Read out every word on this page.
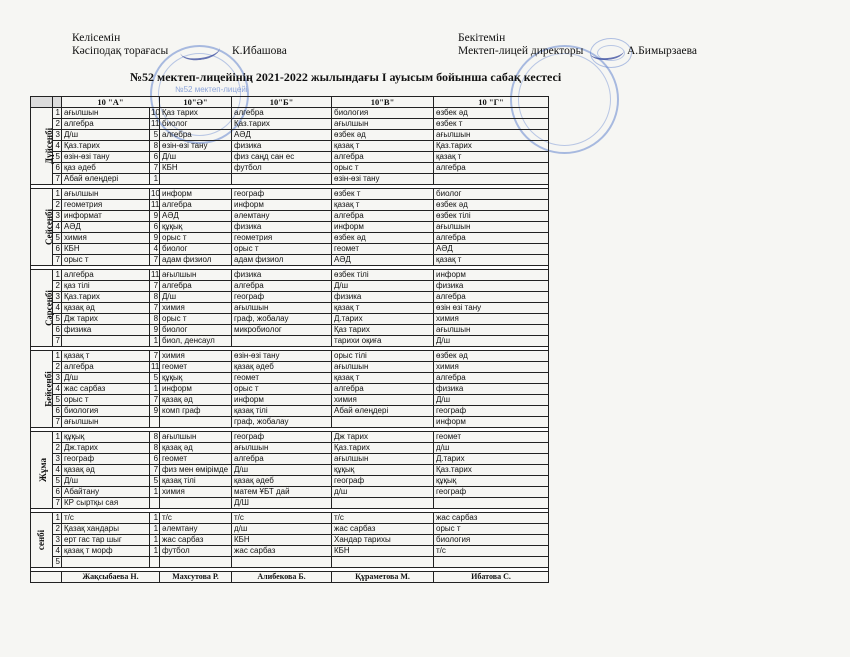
№52 мектеп-лицейі
Келісемін
Кәсіподақ торағасы	К.Ибашова
Бекітемін
Мектеп-лицей директоры	А.Бимырзаева
№52 мектеп-лицейінің 2021-2022 жылындағы I ауысым бойынша сабақ кестесі
		10 "А"		10"Ә"	10"Б"	10"В"	10 "Г"
Дүйсенбі	1	ағылшын	10	Қаз тарих	алгебра	биология	өзбек әд
	2	алгебра	11	биолог	Қаз.тарих	ағылшын	өзбек т
	3	Д/ш	5	алгебра	АӘД	өзбек әд	ағылшын
	4	Қаз.тарих	8	өзін-өзі тану	физика	қазақ т	Қаз.тарих
	5	өзін-өзі тану	6	Д/ш	физ саңд сан ес	алгебра	қазақ т
	6	қаз әдеб	7	КБН	футбол	орыс т	алгебра
	7	Абай өлеңдері	1			өзін-өзі тану	

Сейсенбі	1	ағылшын	10	информ	географ	өзбек т	биолог
	2	геометрия	11	алгебра	информ	қазақ т	өзбек әд
	3	информат	9	АӘД	әлемтану	алгебра	өзбек тілі
	4	АӘД	6	құқық	физика	информ	ағылшын
	5	химия	9	орыс т	геометрия	өзбек әд	алгебра
	6	КБН	4	биолог	орыс т	геомет	АӘД
	7	орыс т	7	адам физиол	адам физиол	АӘД	қазақ т

Сәрсенбі	1	алгебра	11	ағылшын	физика	өзбек тілі	информ
	2	қаз тілі	7	алгебра	алгебра	Д/ш	физика
	3	Қаз.тарих	8	Д/ш	географ	физика	алгебра
	4	қазақ әд	7	химия	ағылшын	қазақ т	өзін өзі тану
	5	Дж тарих	8	орыс т	граф, жобалау	Д.тарих	химия
	6	физика	9	биолог	микробиолог	Қаз тарих	ағылшын
	7		1	биол, денсаул		тарихи оқиға	Д/ш

Бейсенбі	1	қазақ т	7	химия	өзін-өзі тану	орыс тілі	өзбек әд
	2	алгебра	11	геомет	қазақ әдеб	ағылшын	химия
	3	Д/ш	5	құқық	геомет	қазақ т	алгебра
	4	жас сарбаз	1	информ	орыс т	алгебра	физика
	5	орыс т	7	қазақ әд	информ	химия	Д/ш
	6	биология	9	комп граф	қазақ тілі	Абай өлеңдері	географ
	7	ағылшын			граф, жобалау		информ

Жұма	1	құқық	8	ағылшын	географ	Дж тарих	геомет
	2	Дж.тарих	8	қазақ әд	ағылшын	Қаз.тарих	д/ш
	3	географ	6	геомет	алгебра	ағылшын	Д.тарих
	4	қазақ әд	7	физ мен өмірімде	Д/ш	құқық	Қаз.тарих
	5	Д/ш	5	қазақ тілі	қазақ әдеб	географ	құқық
	6	Абайтану	1	химия	матем ҰБТ дай	д/ш	географ
	7	КР сыртқы сая			Д/Ш		

сенбі	1	т/с	1	т/с	т/с	т/с	жас сарбаз
	2	Қазақ хандары	1	әлемтану	д/ш	жас сарбаз	орыс т
	3	ерт гас тар шыг	1	жас сарбаз	КБН	Хандар тарихы	биология
	4	қазақ т морф	1	футбол	жас сарбаз	КБН	т/с
	5						

		Жақсыбаева Н.		Махсутова Р.	Алибекова Б.	Құраметова М.	Ибатова С.
